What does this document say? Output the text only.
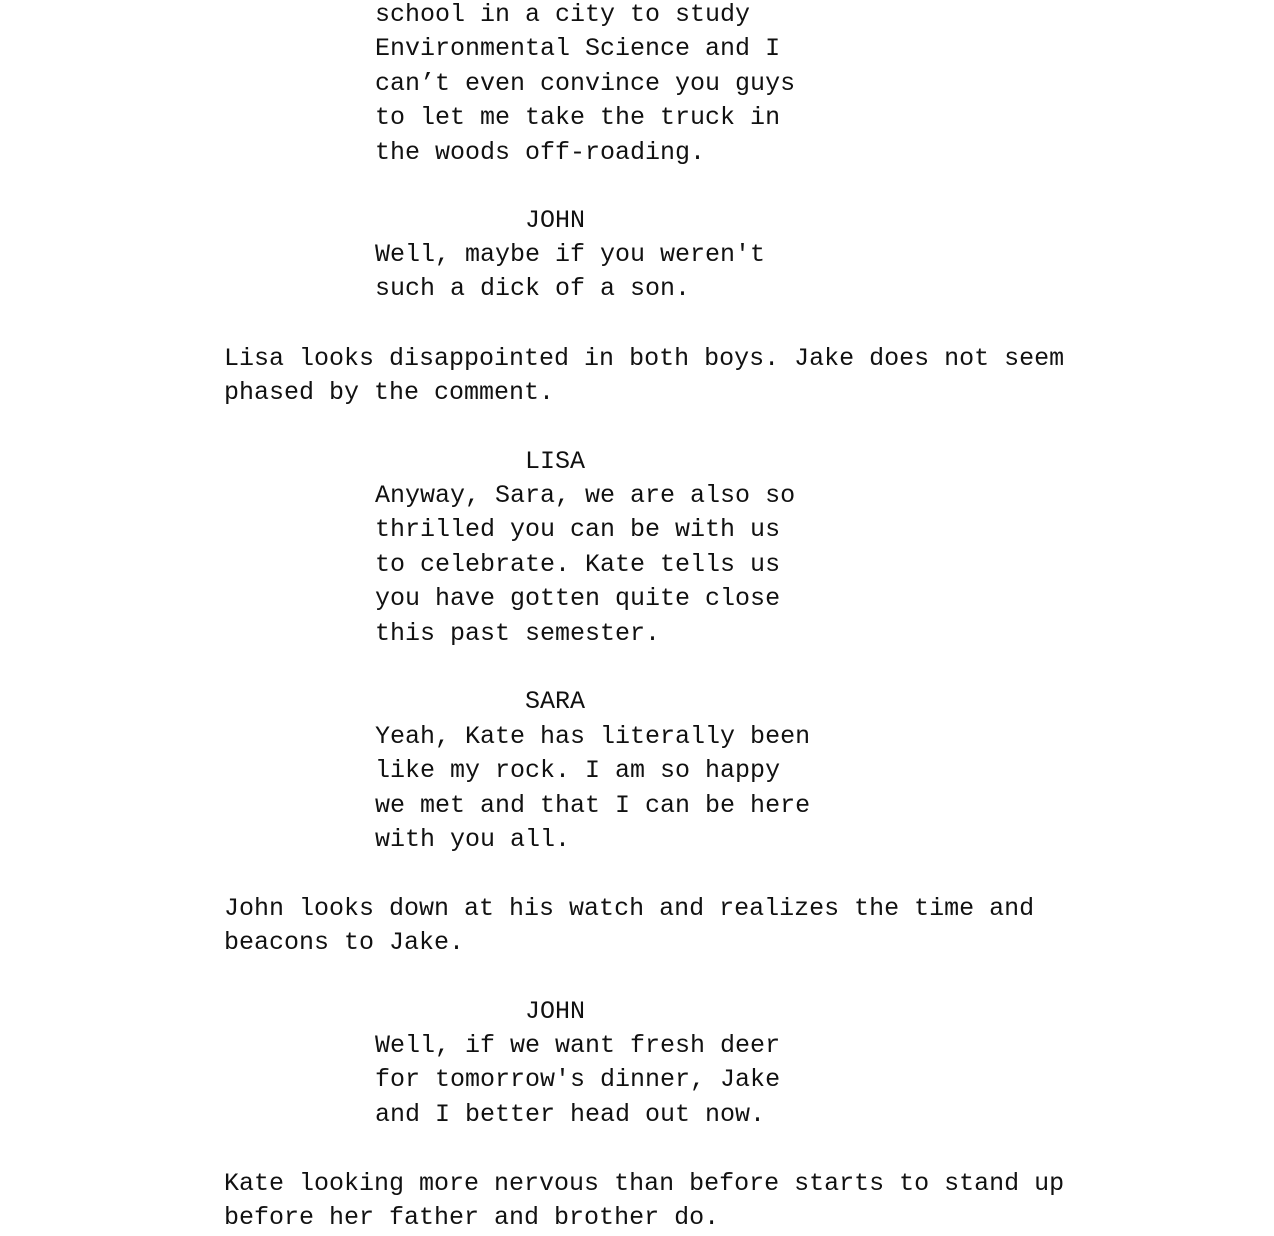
school in a city to study
Environmental Science and I
can’t even convince you guys
to let me take the truck in
the woods off-roading.
JOHN
Well, maybe if you weren't
such a dick of a son.
Lisa looks disappointed in both boys. Jake does not seem
phased by the comment.
LISA
Anyway, Sara, we are also so
thrilled you can be with us
to celebrate. Kate tells us
you have gotten quite close
this past semester.
SARA
Yeah, Kate has literally been
like my rock. I am so happy
we met and that I can be here
with you all.
John looks down at his watch and realizes the time and
beacons to Jake.
JOHN
Well, if we want fresh deer
for tomorrow's dinner, Jake
and I better head out now.
Kate looking more nervous than before starts to stand up
before her father and brother do.
